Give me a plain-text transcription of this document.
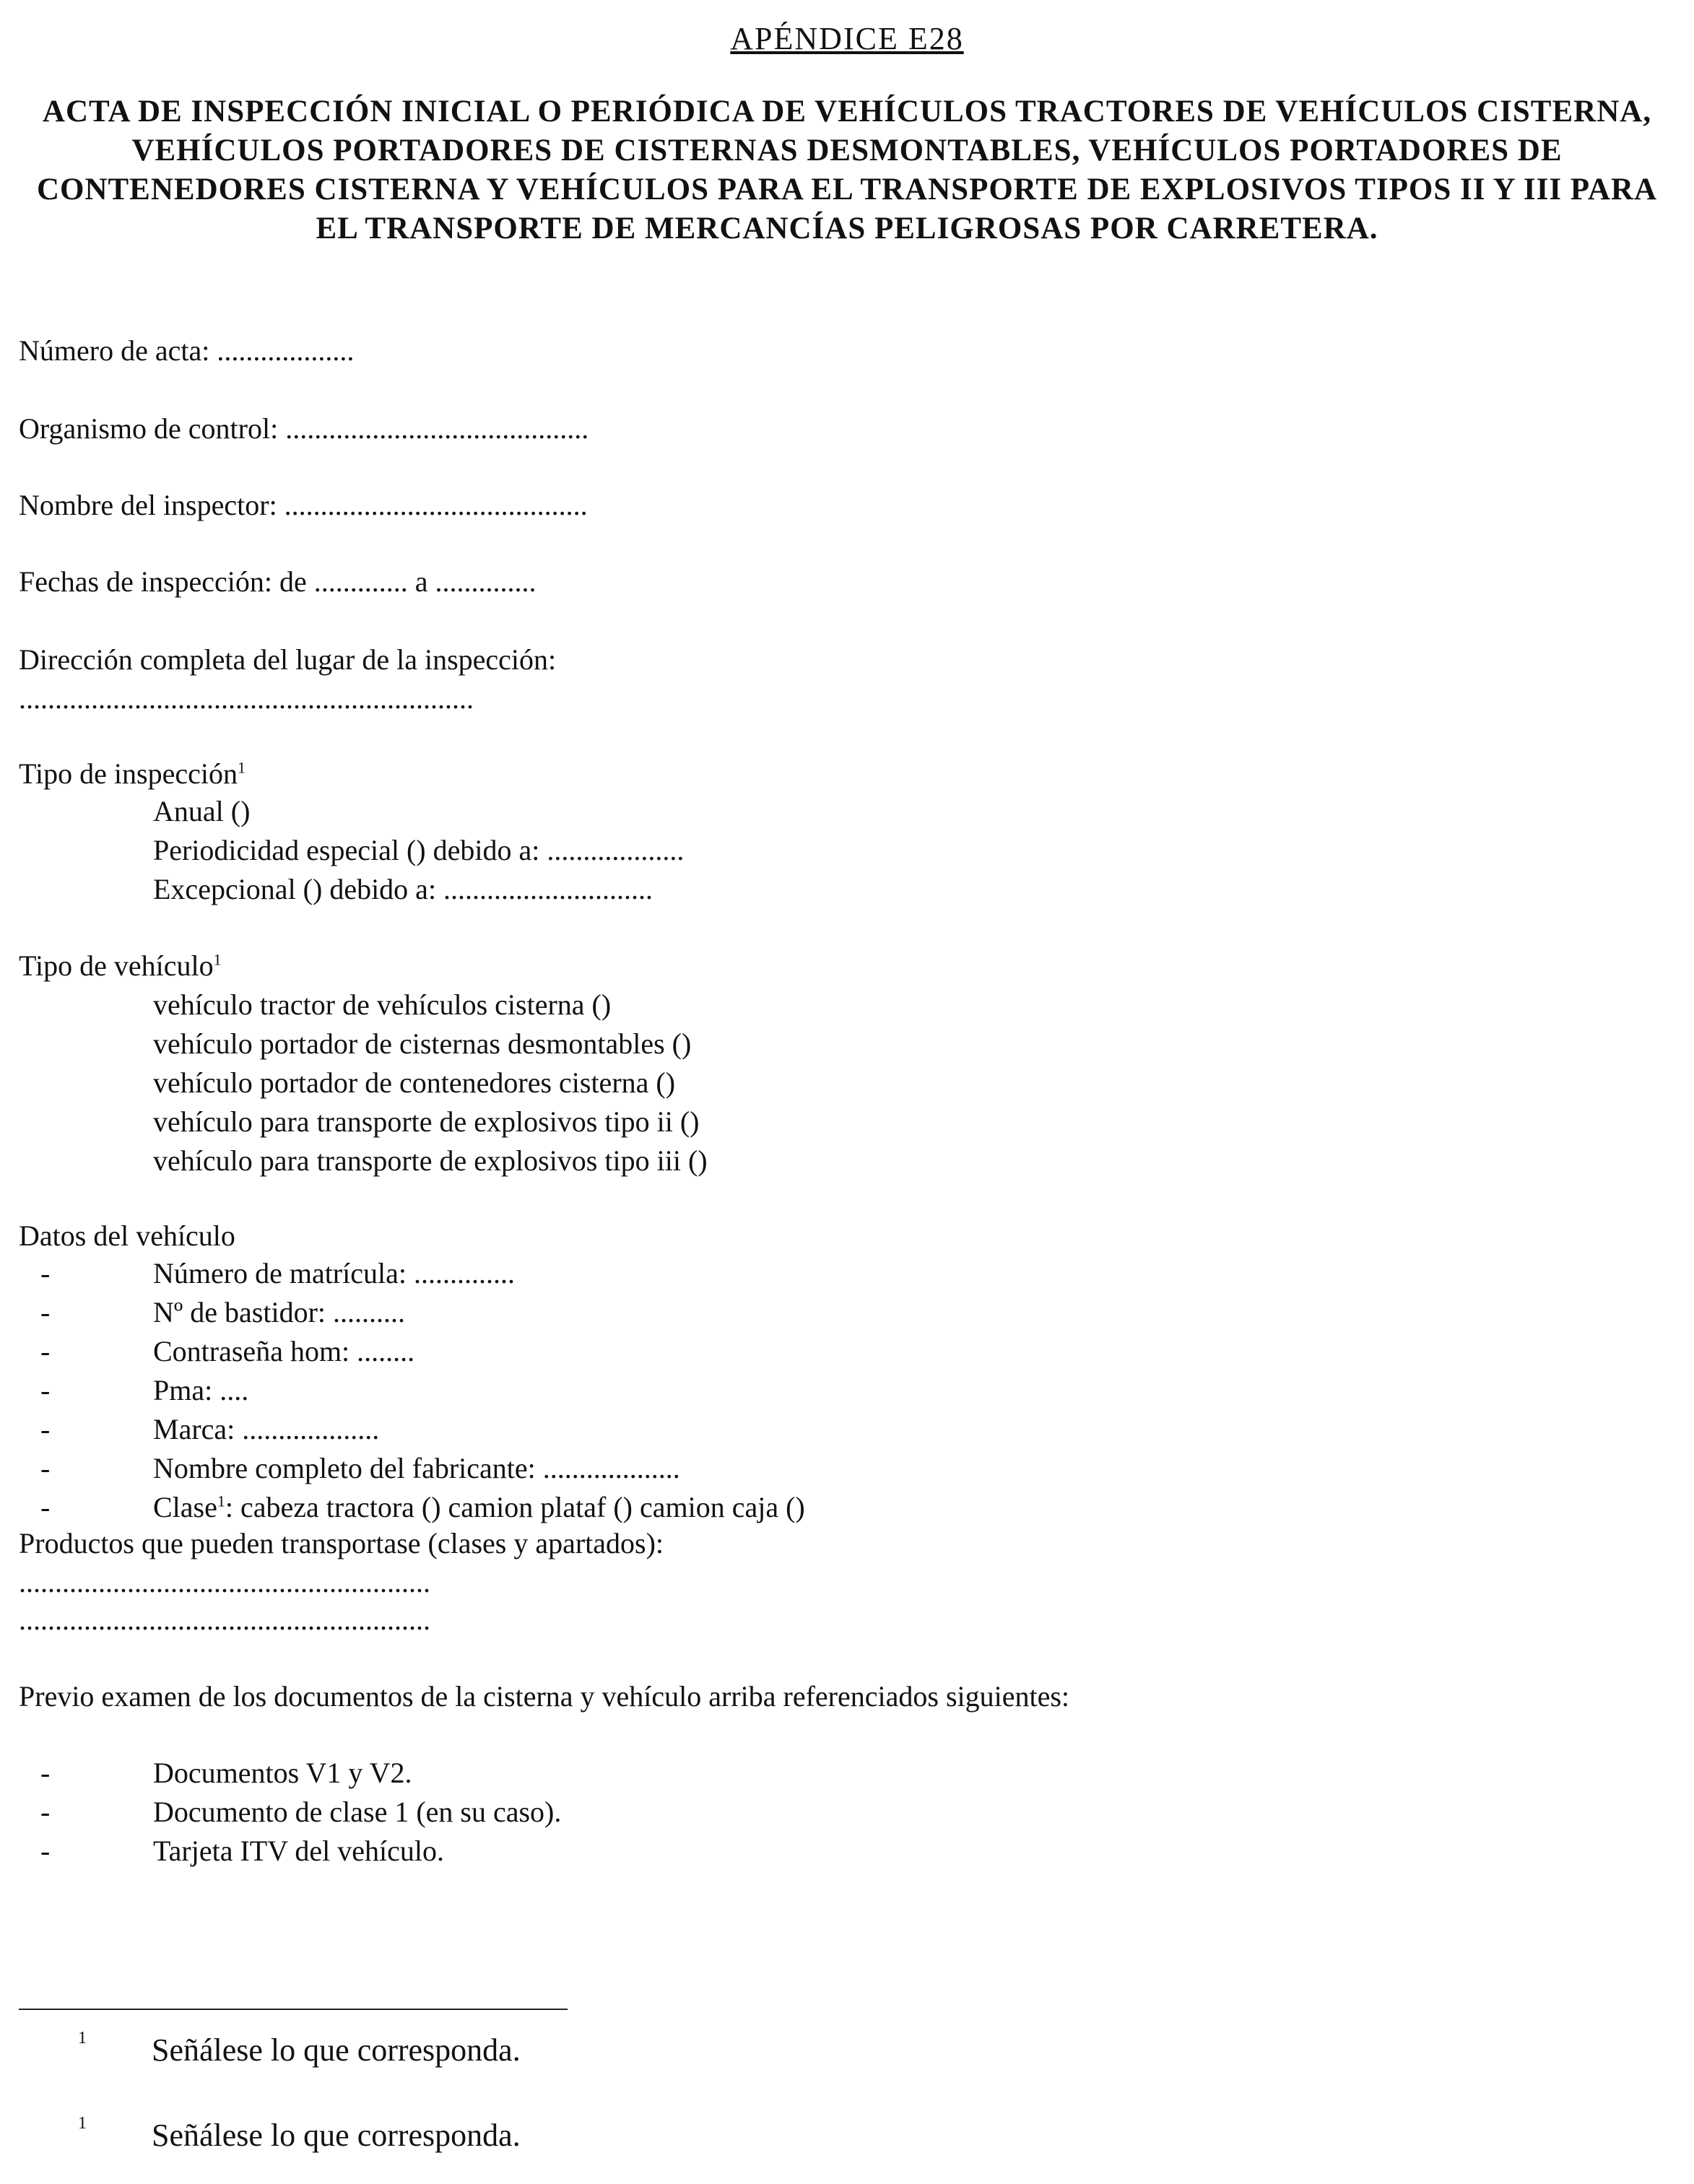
APÉNDICE E28
ACTA DE INSPECCIÓN INICIAL O PERIÓDICA DE VEHÍCULOS TRACTORES DE VEHÍCULOS CISTERNA, VEHÍCULOS PORTADORES DE CISTERNAS DESMONTABLES, VEHÍCULOS PORTADORES DE CONTENEDORES CISTERNA Y VEHÍCULOS PARA EL TRANSPORTE DE EXPLOSIVOS TIPOS II Y III PARA EL TRANSPORTE DE MERCANCÍAS PELIGROSAS POR CARRETERA.
Número de acta: ...................
Organismo de control: ..........................................
Nombre del inspector: ..........................................
Fechas de inspección: de ............. a ..............
Dirección completa del lugar de la inspección:
...............................................................
Tipo de inspección$^1$
Anual ()
Periodicidad especial () debido a: ...................
Excepcional () debido a: .............................
Tipo de vehículo$^1$
vehículo tractor de vehículos cisterna ()
vehículo portador de cisternas desmontables ()
vehículo portador de contenedores cisterna ()
vehículo para transporte de explosivos tipo ii ()
vehículo para transporte de explosivos tipo iii ()
Datos del vehículo
-	Número de matrícula: ..............
-	Nº de bastidor: ..........
-	Contraseña hom: ........
-	Pma: ....
-	Marca: ...................
-	Nombre completo del fabricante: ...................
-	Clase$^1$: cabeza tractora () camion plataf () camion caja ()
Productos que pueden transportase (clases y apartados):
.........................................................
.........................................................
Previo examen de los documentos de la cisterna y vehículo arriba referenciados siguientes:
-	Documentos V1 y V2.
-	Documento de clase 1 (en su caso).
-	Tarjeta ITV del vehículo.
1 Señálese lo que corresponda.
1 Señálese lo que corresponda.
